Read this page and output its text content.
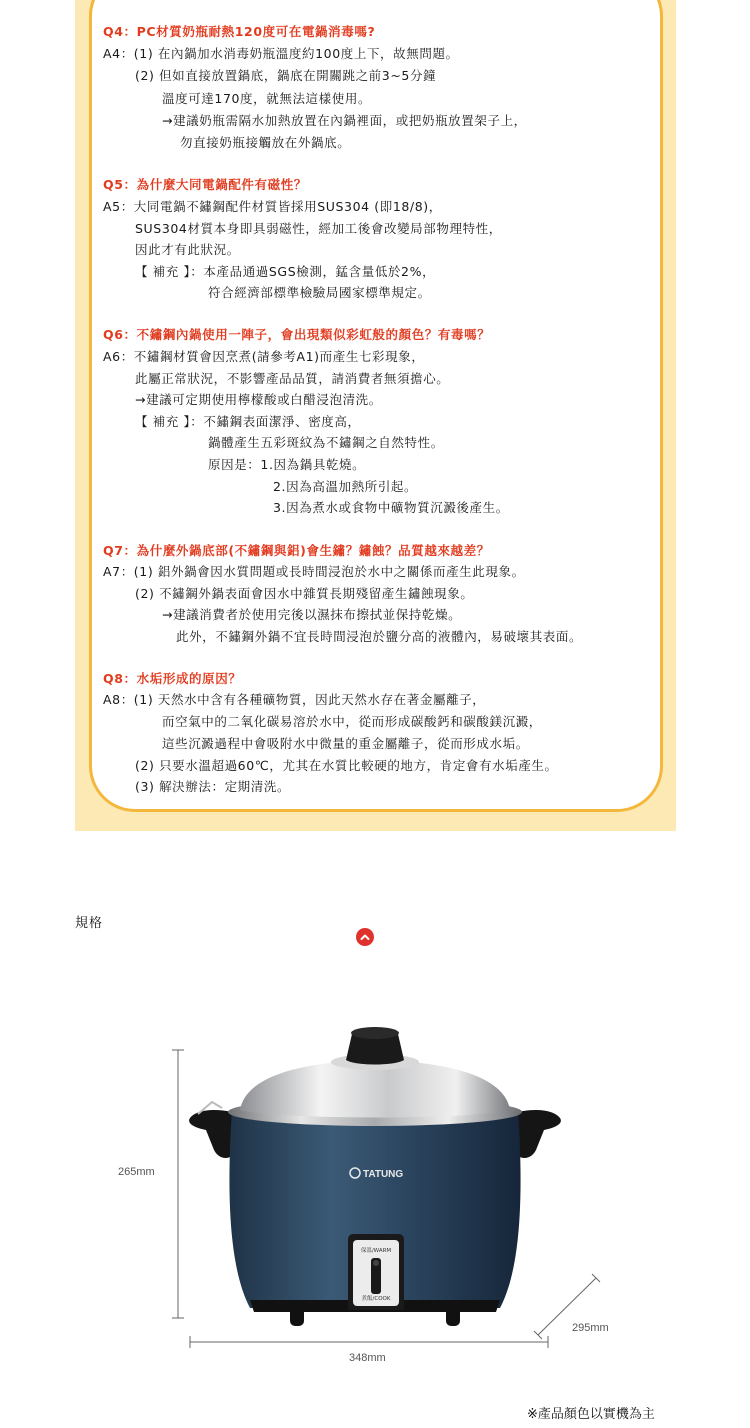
Q4：PC材質奶瓶耐熱120度可在電鍋消毒嗎?
A4：(1) 在內鍋加水消毒奶瓶溫度約100度上下，故無問題。
(2) 但如直接放置鍋底，鍋底在開關跳之前3~5分鐘
溫度可達170度，就無法這樣使用。
→建議奶瓶需隔水加熱放置在內鍋裡面，或把奶瓶放置架子上，
勿直接奶瓶接觸放在外鍋底。
Q5：為什麼大同電鍋配件有磁性？
A5：大同電鍋不鏽鋼配件材質皆採用SUS304 (即18/8)，
SUS304材質本身即具弱磁性，經加工後會改變局部物理特性，
因此才有此狀況。
【 補充 】：本產品通過SGS檢測，錳含量低於2%，
符合經濟部標準檢驗局國家標準規定。
Q6：不鏽鋼內鍋使用一陣子，會出現類似彩虹般的顏色？有毒嗎？
A6：不鏽鋼材質會因烹煮(請參考A1)而產生七彩現象，
此屬正常狀況，不影響產品品質，請消費者無須擔心。
→建議可定期使用檸檬酸或白醋浸泡清洗。
【 補充 】：不鏽鋼表面潔淨、密度高，
鍋體產生五彩斑紋為不鏽鋼之自然特性。
原因是：1.因為鍋具乾燒。
2.因為高溫加熱所引起。
3.因為煮水或食物中礦物質沉澱後產生。
Q7：為什麼外鍋底部(不鏽鋼與鋁)會生鏽？鏽蝕？品質越來越差？
A7：(1) 鋁外鍋會因水質問題或長時間浸泡於水中之關係而產生此現象。
(2) 不鏽鋼外鍋表面會因水中雜質長期殘留產生鏽蝕現象。
→建議消費者於使用完後以濕抹布擦拭並保持乾燥。
此外，不鏽鋼外鍋不宜長時間浸泡於鹽分高的液體內，易破壞其表面。
Q8：水垢形成的原因？
A8：(1) 天然水中含有各種礦物質，因此天然水存在著金屬離子，
而空氣中的二氧化碳易溶於水中，從而形成碳酸鈣和碳酸鎂沉澱，
這些沉澱過程中會吸附水中微量的重金屬離子，從而形成水垢。
(2) 只要水溫超過60℃，尤其在水質比較硬的地方，肯定會有水垢產生。
(3) 解決辦法：定期清洗。
規格
TATUNG
保溫/WARM
煮飯/COOK
265mm
348mm
295mm
※產品顏色以實機為主
